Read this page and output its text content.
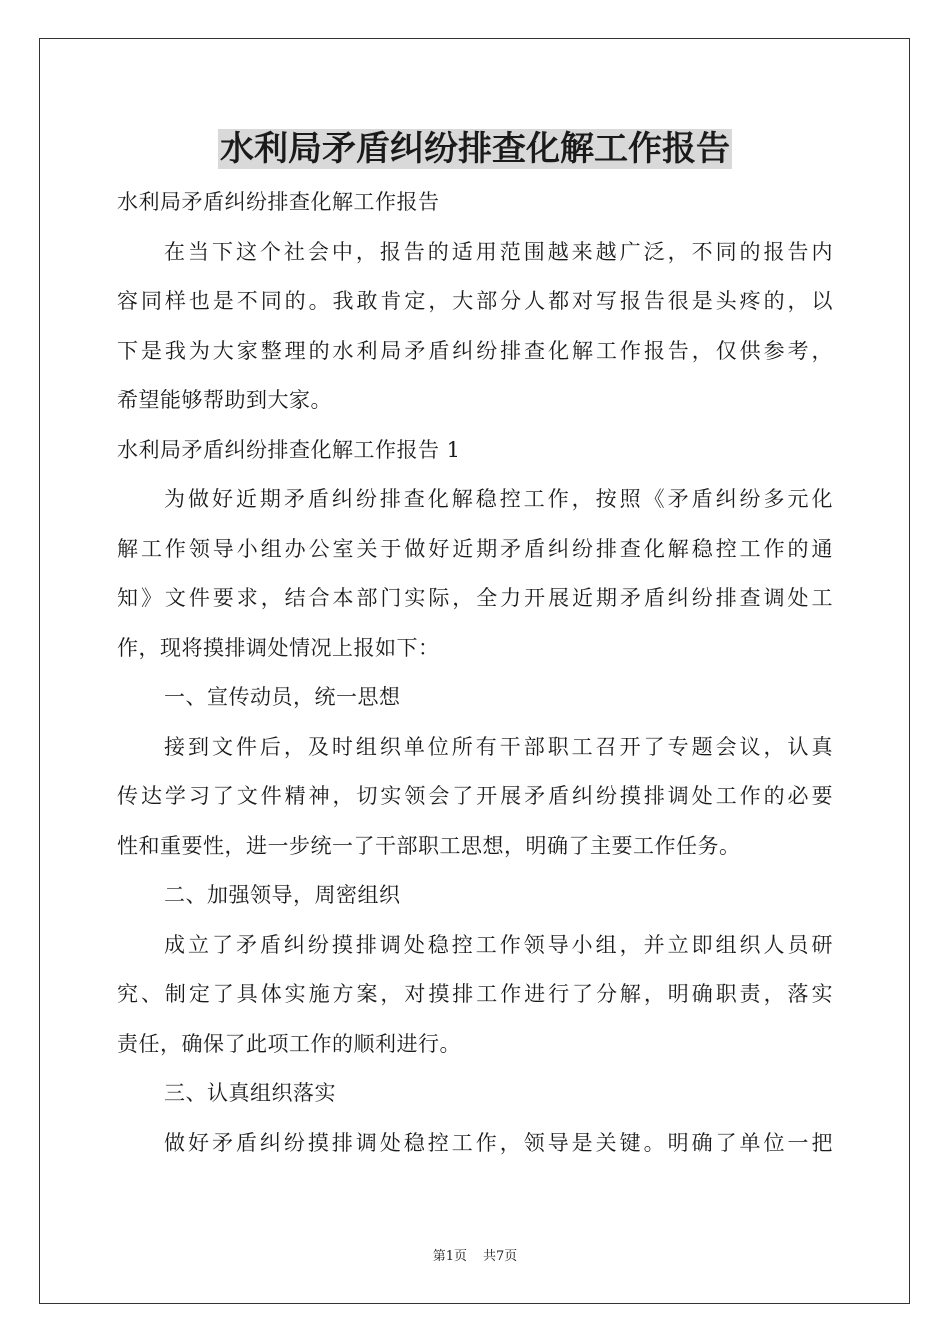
水利局矛盾纠纷排查化解工作报告

水利局矛盾纠纷排查化解工作报告

在当下这个社会中，报告的适用范围越来越广泛，不同的报告内

容同样也是不同的。我敢肯定，大部分人都对写报告很是头疼的，以

下是我为大家整理的水利局矛盾纠纷排查化解工作报告，仅供参考，

希望能够帮助到大家。

水利局矛盾纠纷排查化解工作报告 1

为做好近期矛盾纠纷排查化解稳控工作，按照《矛盾纠纷多元化

解工作领导小组办公室关于做好近期矛盾纠纷排查化解稳控工作的通

知》文件要求，结合本部门实际，全力开展近期矛盾纠纷排查调处工

作，现将摸排调处情况上报如下：

一、宣传动员，统一思想

接到文件后，及时组织单位所有干部职工召开了专题会议，认真

传达学习了文件精神，切实领会了开展矛盾纠纷摸排调处工作的必要

性和重要性，进一步统一了干部职工思想，明确了主要工作任务。

二、加强领导，周密组织

成立了矛盾纠纷摸排调处稳控工作领导小组，并立即组织人员研

究、制定了具体实施方案，对摸排工作进行了分解，明确职责，落实

责任，确保了此项工作的顺利进行。

三、认真组织落实

做好矛盾纠纷摸排调处稳控工作，领导是关键。明确了单位一把

第1页 共7页
